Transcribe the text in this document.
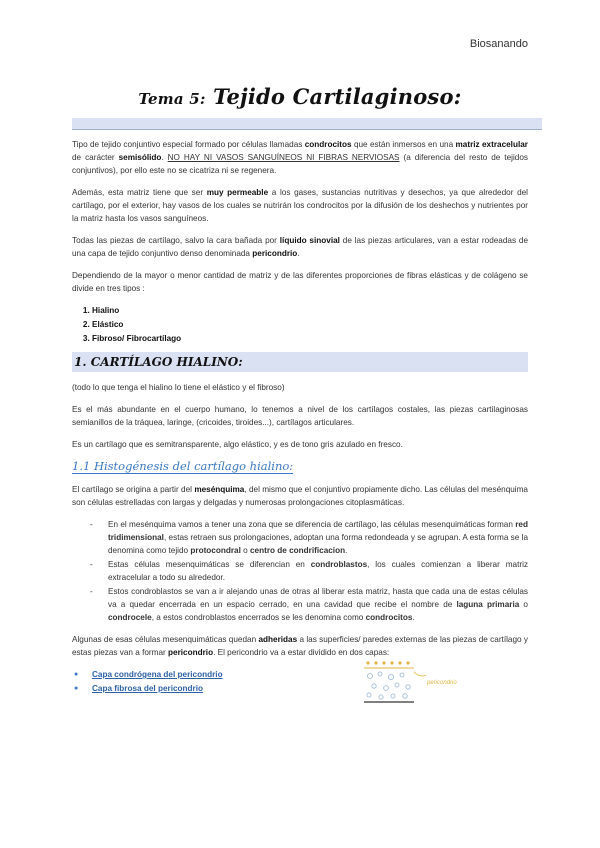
Biosanando
Tema 5: Tejido Cartilaginoso:

Tipo de tejido conjuntivo especial formado por células llamadas condrocitos que están inmersos en una matriz extracelular de carácter semisólido. NO HAY NI VASOS SANGUÍNEOS NI FIBRAS NERVIOSAS (a diferencia del resto de tejidos conjuntivos), por ello este no se cicatriza ni se regenera.

Además, esta matriz tiene que ser muy permeable a los gases, sustancias nutritivas y desechos, ya que alrededor del cartílago, por el exterior, hay vasos de los cuales se nutrirán los condrocitos por la difusión de los deshechos y nutrientes por la matriz hasta los vasos sanguíneos.

Todas las piezas de cartílago, salvo la cara bañada por líquido sinovial de las piezas articulares, van a estar rodeadas de una capa de tejido conjuntivo denso denominada pericondrio.

Dependiendo de la mayor o menor cantidad de matriz y de las diferentes proporciones de fibras elásticas y de colágeno se divide en tres tipos :

1. Hialino
2. Elástico
3. Fibroso/ Fibrocartílago
1. CARTÍLAGO HIALINO:

(todo lo que tenga el hialino lo tiene el elástico y el fibroso)

Es el más abundante en el cuerpo humano, lo tenemos a nivel de los cartílagos costales, las piezas cartilaginosas semianillos de la tráquea, laringe, (cricoides, tiroides...), cartílagos articulares.

Es un cartílago que es semitransparente, algo elástico, y es de tono gris azulado en fresco.

1.1 Histogénesis del cartílago hialino:

El cartílago se origina a partir del mesénquima, del mismo que el conjuntivo propiamente dicho. Las células del mesénquima son células estrelladas con largas y delgadas y numerosas prolongaciones citoplasmáticas.

- En el mesénquima vamos a tener una zona que se diferencia de cartílago, las células mesenquimáticas forman red tridimensional, estas retraen sus prolongaciones, adoptan una forma redondeada y se agrupan. A esta forma se la denomina como tejido protocondral o centro de condrificacion.
- Estas células mesenquimáticas se diferencian en condroblastos, los cuales comienzan a liberar matriz extracelular a todo su alrededor.
- Estos condroblastos se van a ir alejando unas de otras al liberar esta matriz, hasta que cada una de estas células va a quedar encerrada en un espacio cerrado, en una cavidad que recibe el nombre de laguna primaria o condrocele, a estos condroblastos encerrados se les denomina como condrocitos.

Algunas de esas células mesenquimáticas quedan adheridas a las superficies/ paredes externas de las piezas de cartílago y estas piezas van a formar pericondrio. El pericondrio va a estar dividido en dos capas:

● Capa condrógena del pericondrio
● Capa fibrosa del pericondrio
pericondrio
